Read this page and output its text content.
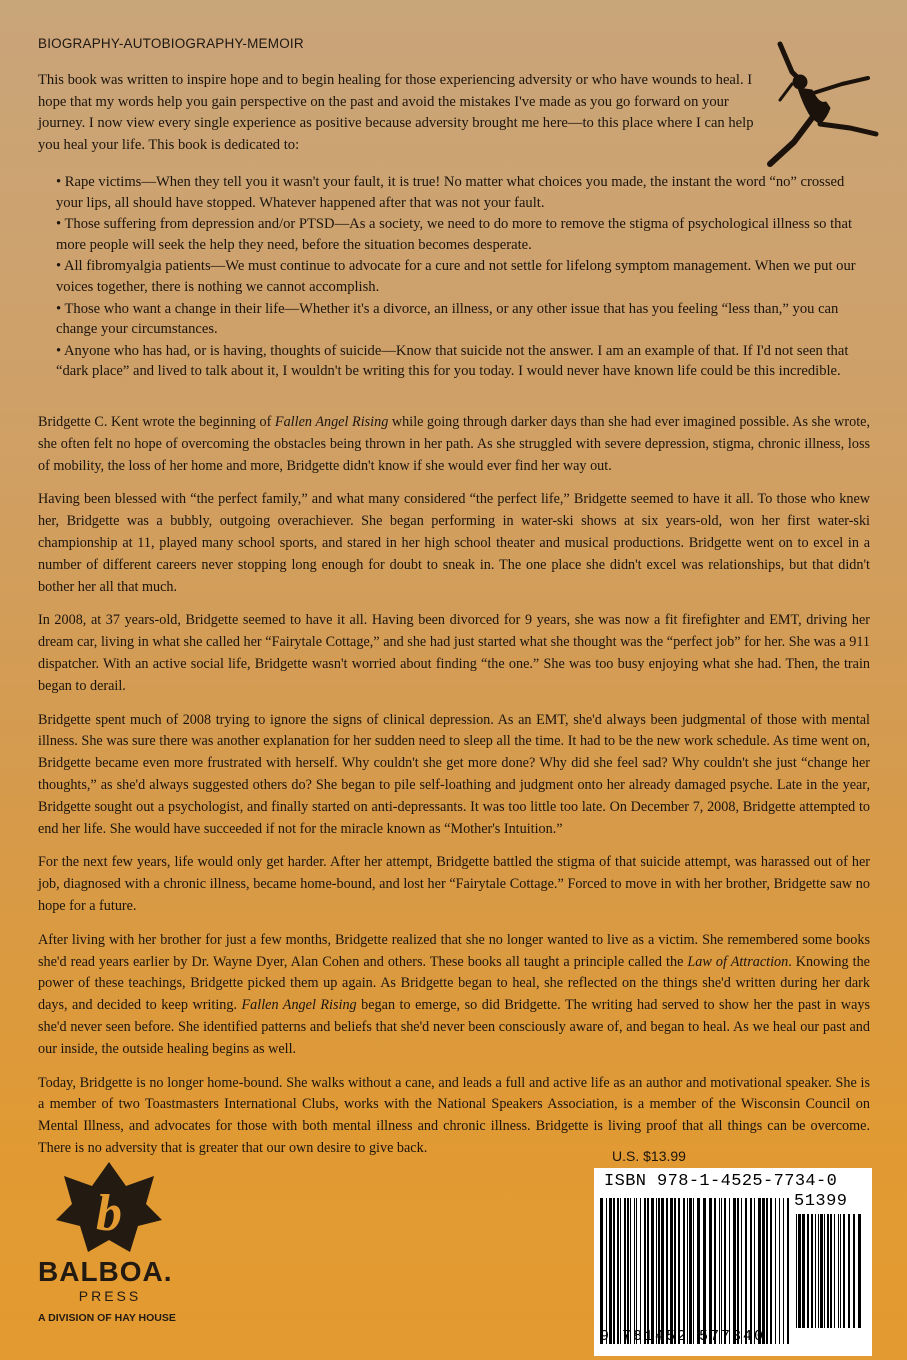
BIOGRAPHY-AUTOBIOGRAPHY-MEMOIR

This book was written to inspire hope and to begin healing for those experiencing adversity or who have wounds to heal. I hope that my words help you gain perspective on the past and avoid the mistakes I've made as you go forward on your journey. I now view every single experience as positive because adversity brought me here—to this place where I can help you heal your life. This book is dedicated to:

• Rape victims—When they tell you it wasn't your fault, it is true! No matter what choices you made, the instant the word “no” crossed your lips, all should have stopped. Whatever happened after that was not your fault.
• Those suffering from depression and/or PTSD—As a society, we need to do more to remove the stigma of psychological illness so that more people will seek the help they need, before the situation becomes desperate.
• All fibromyalgia patients—We must continue to advocate for a cure and not settle for lifelong symptom management. When we put our voices together, there is nothing we cannot accomplish.
• Those who want a change in their life—Whether it's a divorce, an illness, or any other issue that has you feeling “less than,” you can change your circumstances.
• Anyone who has had, or is having, thoughts of suicide—Know that suicide not the answer. I am an example of that. If I'd not seen that “dark place” and lived to talk about it, I wouldn't be writing this for you today. I would never have known life could be this incredible.

Bridgette C. Kent wrote the beginning of Fallen Angel Rising while going through darker days than she had ever imagined possible. As she wrote, she often felt no hope of overcoming the obstacles being thrown in her path. As she struggled with severe depression, stigma, chronic illness, loss of mobility, the loss of her home and more, Bridgette didn't know if she would ever find her way out.

Having been blessed with “the perfect family,” and what many considered “the perfect life,” Bridgette seemed to have it all. To those who knew her, Bridgette was a bubbly, outgoing overachiever. She began performing in water-ski shows at six years-old, won her first water-ski championship at 11, played many school sports, and stared in her high school theater and musical productions. Bridgette went on to excel in a number of different careers never stopping long enough for doubt to sneak in. The one place she didn't excel was relationships, but that didn't bother her all that much.

In 2008, at 37 years-old, Bridgette seemed to have it all. Having been divorced for 9 years, she was now a fit firefighter and EMT, driving her dream car, living in what she called her “Fairytale Cottage,” and she had just started what she thought was the “perfect job” for her. She was a 911 dispatcher. With an active social life, Bridgette wasn't worried about finding “the one.” She was too busy enjoying what she had. Then, the train began to derail.

Bridgette spent much of 2008 trying to ignore the signs of clinical depression. As an EMT, she'd always been judgmental of those with mental illness. She was sure there was another explanation for her sudden need to sleep all the time. It had to be the new work schedule. As time went on, Bridgette became even more frustrated with herself. Why couldn't she get more done? Why did she feel sad? Why couldn't she just “change her thoughts,” as she'd always suggested others do? She began to pile self-loathing and judgment onto her already damaged psyche. Late in the year, Bridgette sought out a psychologist, and finally started on anti-depressants. It was too little too late. On December 7, 2008, Bridgette attempted to end her life. She would have succeeded if not for the miracle known as “Mother's Intuition.”

For the next few years, life would only get harder. After her attempt, Bridgette battled the stigma of that suicide attempt, was harassed out of her job, diagnosed with a chronic illness, became home-bound, and lost her “Fairytale Cottage.” Forced to move in with her brother, Bridgette saw no hope for a future.

After living with her brother for just a few months, Bridgette realized that she no longer wanted to live as a victim. She remembered some books she'd read years earlier by Dr. Wayne Dyer, Alan Cohen and others. These books all taught a principle called the Law of Attraction. Knowing the power of these teachings, Bridgette picked them up again. As Bridgette began to heal, she reflected on the things she'd written during her dark days, and decided to keep writing. Fallen Angel Rising began to emerge, so did Bridgette. The writing had served to show her the past in ways she'd never seen before. She identified patterns and beliefs that she'd never been consciously aware of, and began to heal. As we heal our past and our inside, the outside healing begins as well.

Today, Bridgette is no longer home-bound. She walks without a cane, and leads a full and active life as an author and motivational speaker. She is a member of two Toastmasters International Clubs, works with the National Speakers Association, is a member of the Wisconsin Council on Mental Illness, and advocates for those with both mental illness and chronic illness. Bridgette is living proof that all things can be overcome. There is no adversity that is greater that our own desire to give back.

U.S. $13.99
ISBN 978-1-4525-7734-0
51399
9 781452 577340
b
BALBOA.
PRESS
A DIVISION OF HAY HOUSE
